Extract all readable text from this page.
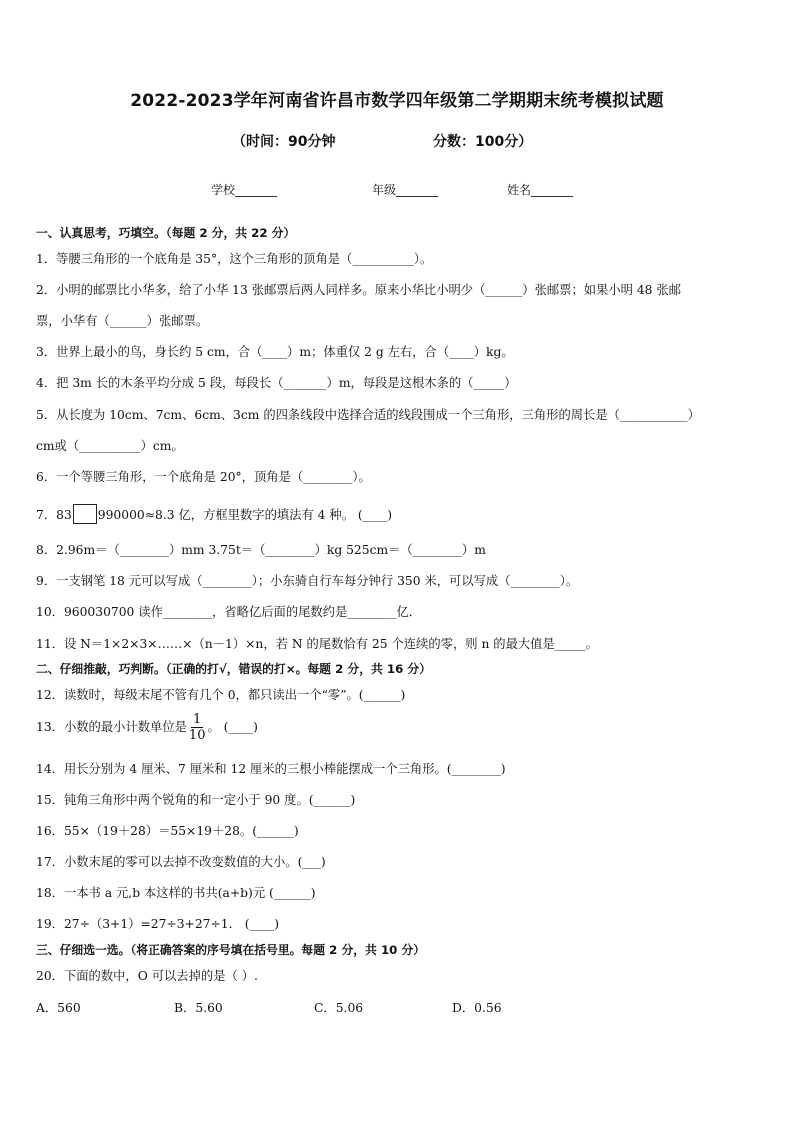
2022-2023学年河南省许昌市数学四年级第二学期期末统考模拟试题
（时间：90分钟	分数：100分）
学校_______	年级_______	姓名_______
一、认真思考，巧填空。（每题 2 分，共 22 分）
1．等腰三角形的一个底角是 35°，这个三角形的顶角是（__________）。
2．小明的邮票比小华多，给了小华 13 张邮票后两人同样多。原来小华比小明少（______）张邮票；如果小明 48 张邮
票，小华有（______）张邮票。
3．世界上最小的鸟，身长约 5 cm，合（____）m；体重仅 2 g 左右，合（____）kg。
4．把 3m 长的木条平均分成 5 段，每段长（_______）m，每段是这根木条的（_____）
5．从长度为 10cm、7cm、6cm、3cm 的四条线段中选择合适的线段围成一个三角形，三角形的周长是（___________）
cm或（__________）cm。
6．一个等腰三角形，一个底角是 20°，顶角是（________）。
7．83 990000≈8.3 亿，方框里数字的填法有 4 种。 (____)
8．2.96m＝（________）mm 3.75t＝（________）kg 525cm＝（________）m
9．一支钢笔 18 元可以写成（________）；小东骑自行车每分钟行 350 米，可以写成（________）。
10．960030700 读作________，省略亿后面的尾数约是________亿．
11．设 N＝1×2×3×……×（n－1）×n，若 N 的尾数恰有 25 个连续的零，则 n 的最大值是_____。
二、仔细推敲，巧判断。（正确的打√，错误的打×。每题 2 分，共 16 分）
12．读数时，每级末尾不管有几个 0，都只读出一个“零”。(______)
13．小数的最小计数单位是 $\frac{1}{10}$ 。 (____)
14．用长分别为 4 厘米、7 厘米和 12 厘米的三根小棒能摆成一个三角形。(________)
15．钝角三角形中两个锐角的和一定小于 90 度。(______)
16．55×（19＋28）＝55×19＋28。(______)
17．小数末尾的零可以去掉不改变数值的大小。(___)
18．一本书 a 元,b 本这样的书共(a+b)元 (______)
19．27÷（3+1）=27÷3+27÷1． (____)
三、仔细选一选。（将正确答案的序号填在括号里。每题 2 分，共 10 分）
20．下面的数中，O 可以去掉的是（ ）.
A．560	B．5.60	C．5.06	D．0.56
